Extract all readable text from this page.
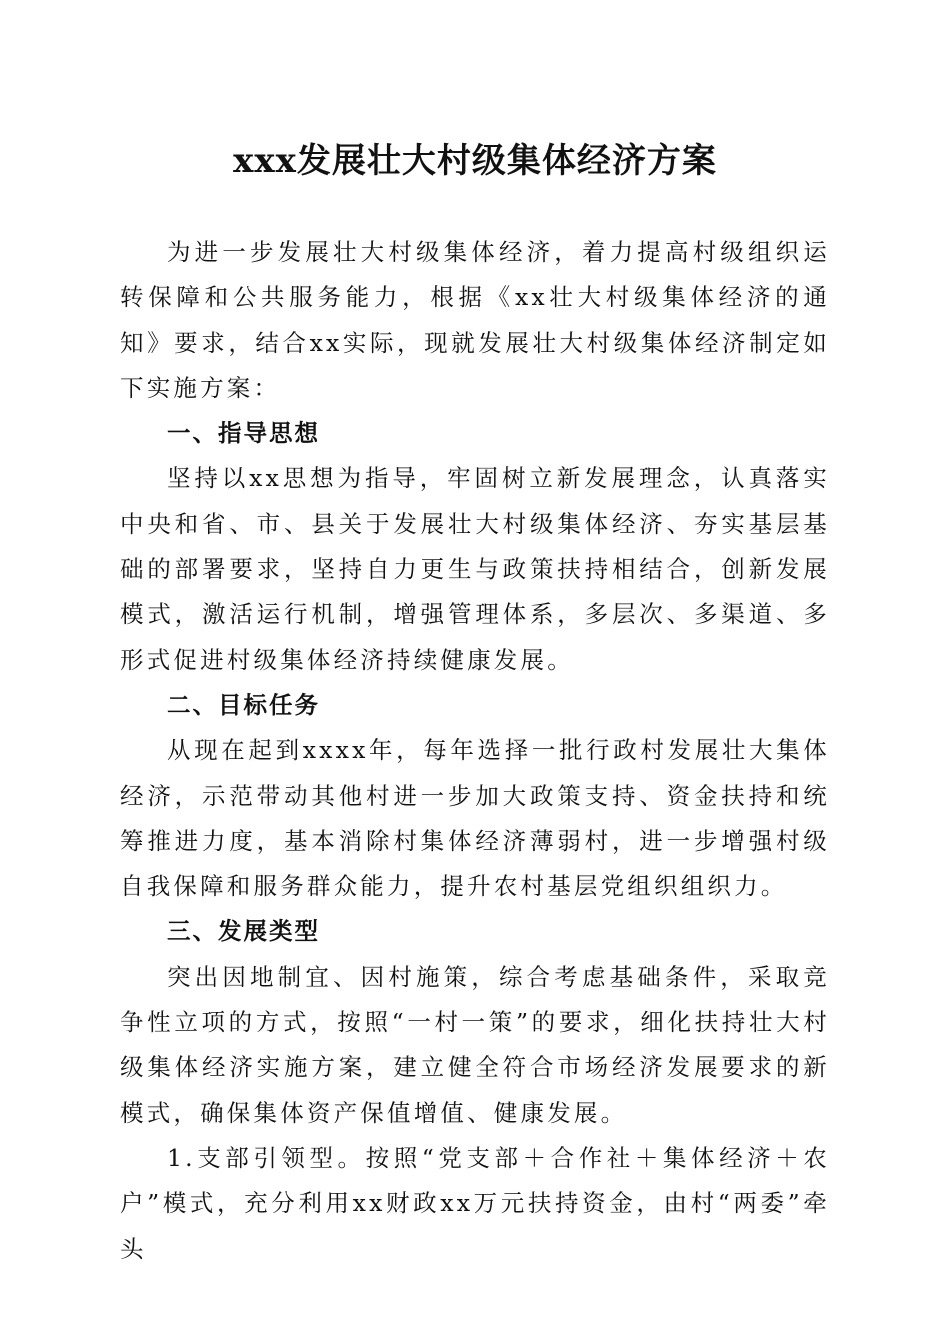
xxx发展壮大村级集体经济方案

为进一步发展壮大村级集体经济，着力提高村级组织运转保障和公共服务能力，根据《xx壮大村级集体经济的通知》要求，结合xx实际，现就发展壮大村级集体经济制定如下实施方案：

一、指导思想

坚持以xx思想为指导，牢固树立新发展理念，认真落实中央和省、市、县关于发展壮大村级集体经济、夯实基层基础的部署要求，坚持自力更生与政策扶持相结合，创新发展模式，激活运行机制，增强管理体系，多层次、多渠道、多形式促进村级集体经济持续健康发展。

二、目标任务

从现在起到xxxx年，每年选择一批行政村发展壮大集体经济，示范带动其他村进一步加大政策支持、资金扶持和统筹推进力度，基本消除村集体经济薄弱村，进一步增强村级自我保障和服务群众能力，提升农村基层党组织组织力。

三、发展类型

突出因地制宜、因村施策，综合考虑基础条件，采取竞争性立项的方式，按照“一村一策”的要求，细化扶持壮大村级集体经济实施方案，建立健全符合市场经济发展要求的新模式，确保集体资产保值增值、健康发展。

1.支部引领型。按照“党支部＋合作社＋集体经济＋农户”模式，充分利用xx财政xx万元扶持资金，由村“两委”牵头
